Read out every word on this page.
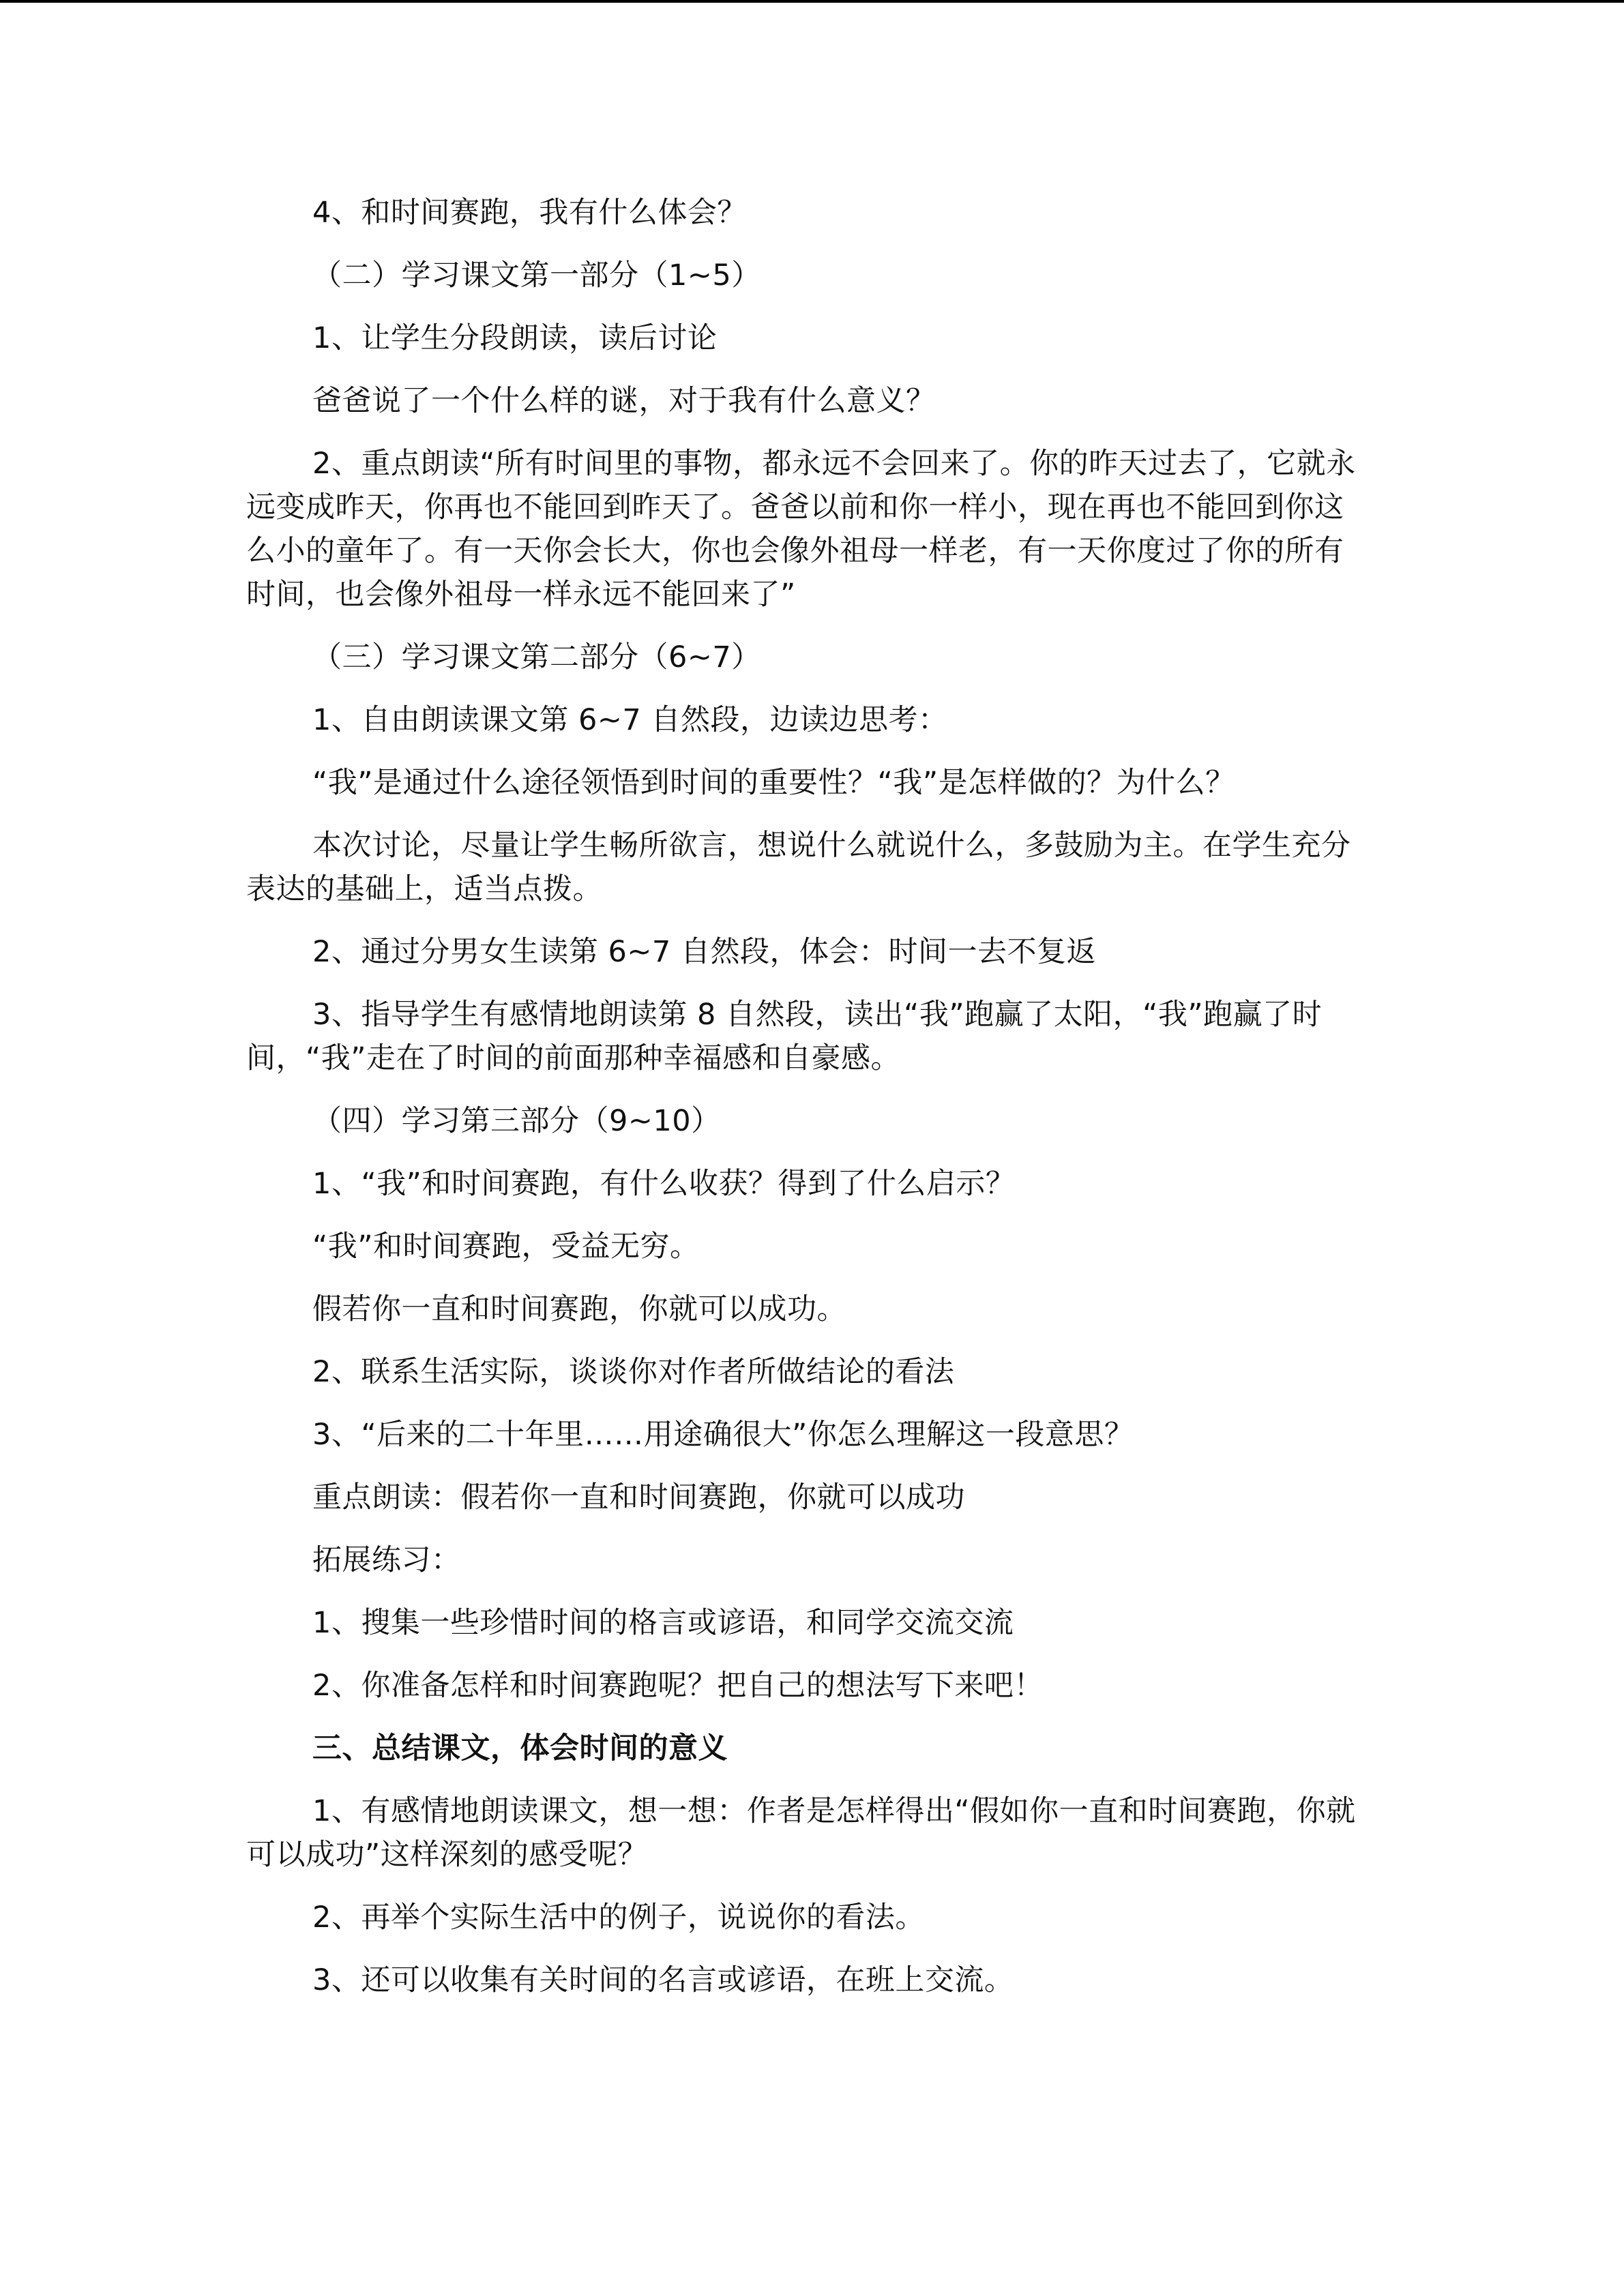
4、和时间赛跑，我有什么体会？

（二）学习课文第一部分（1~5）

1、让学生分段朗读，读后讨论

爸爸说了一个什么样的谜，对于我有什么意义？

2、重点朗读“所有时间里的事物，都永远不会回来了。你的昨天过去了，它就永远变成昨天，你再也不能回到昨天了。爸爸以前和你一样小，现在再也不能回到你这么小的童年了。有一天你会长大，你也会像外祖母一样老，有一天你度过了你的所有时间，也会像外祖母一样永远不能回来了”

（三）学习课文第二部分（6~7）

1、自由朗读课文第 6~7 自然段，边读边思考：

“我”是通过什么途径领悟到时间的重要性？“我”是怎样做的？为什么？

本次讨论，尽量让学生畅所欲言，想说什么就说什么，多鼓励为主。在学生充分表达的基础上，适当点拨。

2、通过分男女生读第 6~7 自然段，体会：时间一去不复返

3、指导学生有感情地朗读第 8 自然段，读出“我”跑赢了太阳，“我”跑赢了时间，“我”走在了时间的前面那种幸福感和自豪感。

（四）学习第三部分（9~10）

1、“我”和时间赛跑，有什么收获？得到了什么启示？

“我”和时间赛跑，受益无穷。

假若你一直和时间赛跑，你就可以成功。

2、联系生活实际，谈谈你对作者所做结论的看法

3、“后来的二十年里……用途确很大”你怎么理解这一段意思？

重点朗读：假若你一直和时间赛跑，你就可以成功

拓展练习：

1、搜集一些珍惜时间的格言或谚语，和同学交流交流

2、你准备怎样和时间赛跑呢？把自己的想法写下来吧！

三、总结课文，体会时间的意义

1、有感情地朗读课文，想一想：作者是怎样得出“假如你一直和时间赛跑，你就可以成功”这样深刻的感受呢？

2、再举个实际生活中的例子，说说你的看法。

3、还可以收集有关时间的名言或谚语，在班上交流。
